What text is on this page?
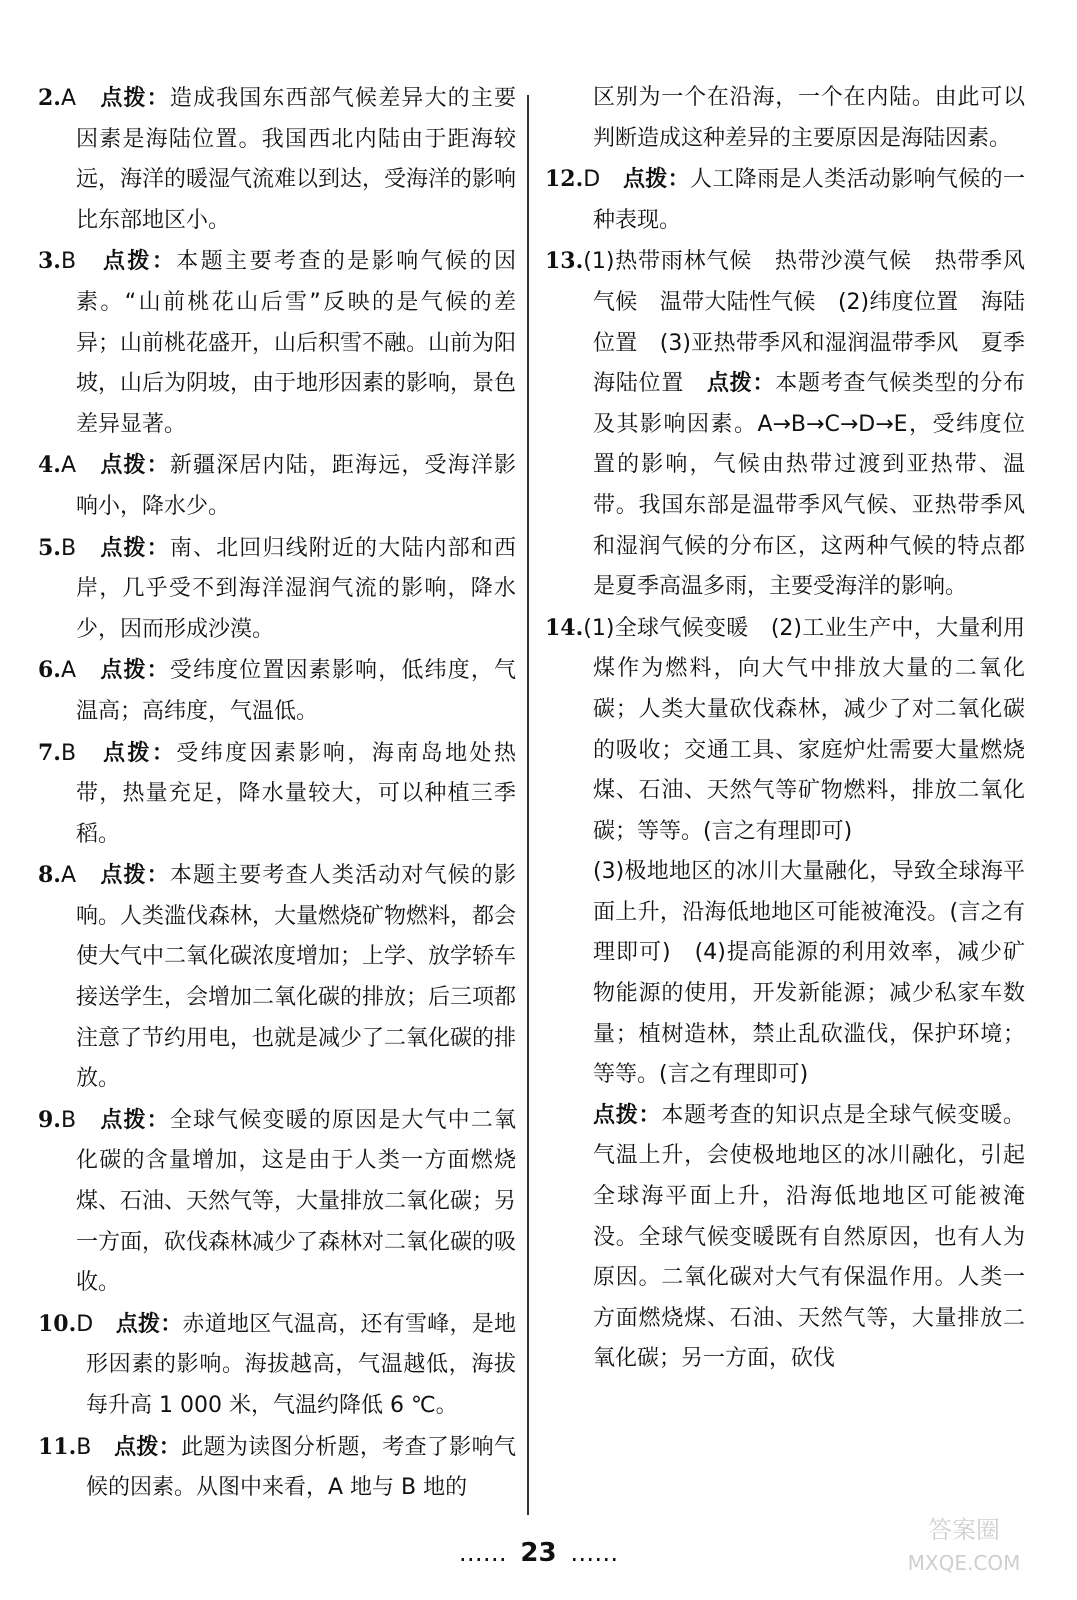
2.A　 点拨：造成我国东西部气候差异大的主要因素是海陆位置。我国西北内陆由于距海较远，海洋的暖湿气流难以到达，受海洋的影响比东部地区小。

3.B　 点拨：本题主要考查的是影响气候的因素。“山前桃花山后雪”反映的是气候的差异；山前桃花盛开，山后积雪不融。山前为阳坡，山后为阴坡，由于地形因素的影响，景色差异显著。

4.A　 点拨：新疆深居内陆，距海远，受海洋影响小，降水少。

5.B　 点拨：南、北回归线附近的大陆内部和西岸，几乎受不到海洋湿润气流的影响，降水少，因而形成沙漠。

6.A　 点拨：受纬度位置因素影响，低纬度，气温高；高纬度，气温低。

7.B　 点拨：受纬度因素影响，海南岛地处热带，热量充足，降水量较大，可以种植三季稻。

8.A　 点拨：本题主要考查人类活动对气候的影响。人类滥伐森林，大量燃烧矿物燃料，都会使大气中二氧化碳浓度增加；上学、放学轿车接送学生，会增加二氧化碳的排放；后三项都注意了节约用电，也就是减少了二氧化碳的排放。

9.B　 点拨：全球气候变暖的原因是大气中二氧化碳的含量增加，这是由于人类一方面燃烧煤、石油、天然气等，大量排放二氧化碳；另一方面，砍伐森林减少了森林对二氧化碳的吸收。

10.D　 点拨：赤道地区气温高，还有雪峰，是地形因素的影响。海拔越高，气温越低，海拔每升高 1 000 米，气温约降低 6 ℃。

11.B　 点拨：此题为读图分析题，考查了影响气候的因素。从图中来看，A 地与 B 地的

区别为一个在沿海，一个在内陆。由此可以判断造成这种差异的主要原因是海陆因素。

12.D　 点拨：人工降雨是人类活动影响气候的一种表现。

13.(1)热带雨林气候　热带沙漠气候　热带季风气候　温带大陆性气候　(2)纬度位置　海陆位置　(3)亚热带季风和湿润温带季风　夏季　海陆位置　点拨：本题考查气候类型的分布及其影响因素。A→B→C→D→E，受纬度位置的影响，气候由热带过渡到亚热带、温带。我国东部是温带季风气候、亚热带季风和湿润气候的分布区，这两种气候的特点都是夏季高温多雨，主要受海洋的影响。

14.(1)全球气候变暖　(2)工业生产中，大量利用煤作为燃料，向大气中排放大量的二氧化碳；人类大量砍伐森林，减少了对二氧化碳的吸收；交通工具、家庭炉灶需要大量燃烧煤、石油、天然气等矿物燃料，排放二氧化碳；等等。(言之有理即可)

(3)极地地区的冰川大量融化，导致全球海平面上升，沿海低地地区可能被淹没。(言之有理即可)　(4)提高能源的利用效率，减少矿物能源的使用，开发新能源；减少私家车数量；植树造林，禁止乱砍滥伐，保护环境；等等。(言之有理即可)

点拨：本题考查的知识点是全球气候变暖。气温上升，会使极地地区的冰川融化，引起全球海平面上升，沿海低地地区可能被淹没。全球气候变暖既有自然原因，也有人为原因。二氧化碳对大气有保温作用。人类一方面燃烧煤、石油、天然气等，大量排放二氧化碳；另一方面，砍伐

…… 23 ……
答案圈
MXQE.COM
